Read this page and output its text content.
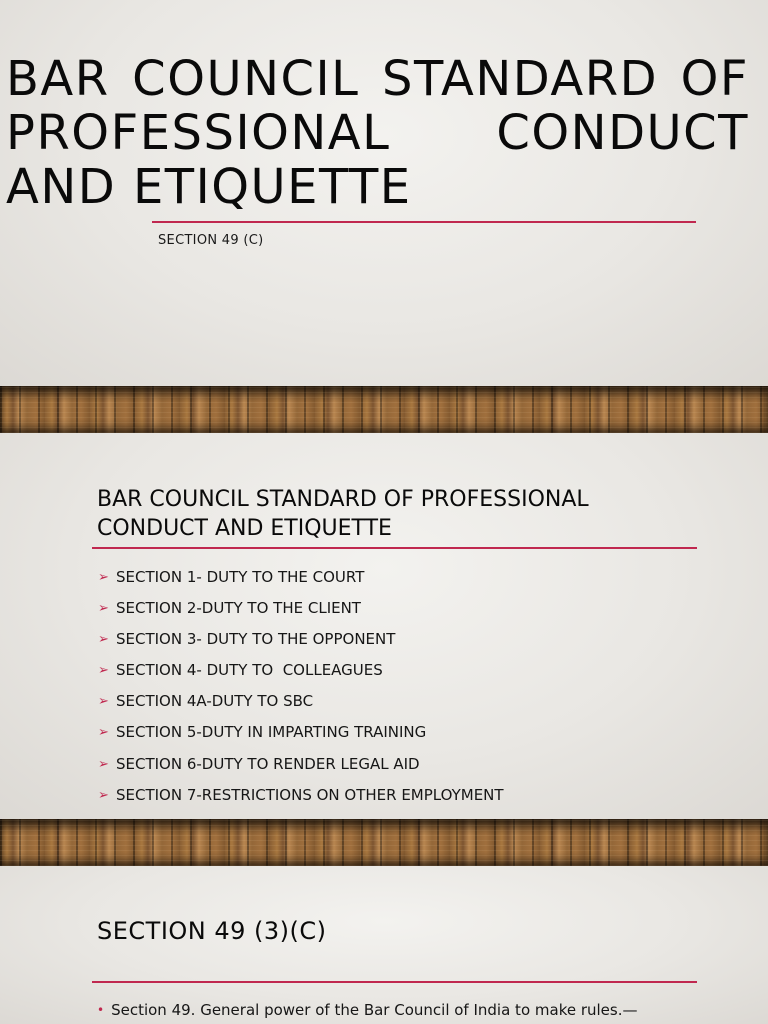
BAR COUNCIL STANDARD OF PROFESSIONAL CONDUCT AND ETIQUETTE
SECTION 49 (C)
BAR COUNCIL STANDARD OF PROFESSIONAL CONDUCT AND ETIQUETTE
➢ SECTION 1- DUTY TO THE COURT
➢ SECTION 2-DUTY TO THE CLIENT
➢ SECTION 3- DUTY TO THE OPPONENT
➢ SECTION 4- DUTY TO  COLLEAGUES
➢ SECTION 4A-DUTY TO SBC
➢ SECTION 5-DUTY IN IMPARTING TRAINING
➢ SECTION 6-DUTY TO RENDER LEGAL AID
➢ SECTION 7-RESTRICTIONS ON OTHER EMPLOYMENT
SECTION 49 (3)(C)
• Section 49. General power of the Bar Council of India to make rules.—
